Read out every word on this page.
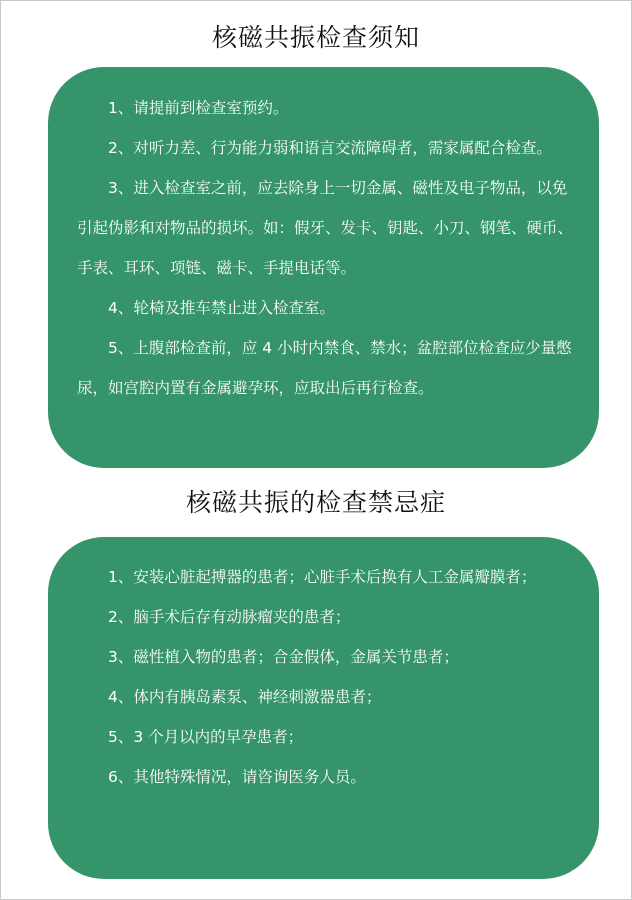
核磁共振检查须知

1、请提前到检查室预约。

2、对听力差、行为能力弱和语言交流障碍者，需家属配合检查。

3、进入检查室之前，应去除身上一切金属、磁性及电子物品，以免引起伪影和对物品的损坏。如：假牙、发卡、钥匙、小刀、钢笔、硬币、手表、耳环、项链、磁卡、手提电话等。

4、轮椅及推车禁止进入检查室。

5、上腹部检查前，应 4 小时内禁食、禁水；盆腔部位检查应少量憋尿，如宫腔内置有金属避孕环，应取出后再行检查。

核磁共振的检查禁忌症

1、安装心脏起搏器的患者；心脏手术后换有人工金属瓣膜者；

2、脑手术后存有动脉瘤夹的患者；

3、磁性植入物的患者；合金假体，金属关节患者；

4、体内有胰岛素泵、神经刺激器患者；

5、3 个月以内的早孕患者；

6、其他特殊情况，请咨询医务人员。
